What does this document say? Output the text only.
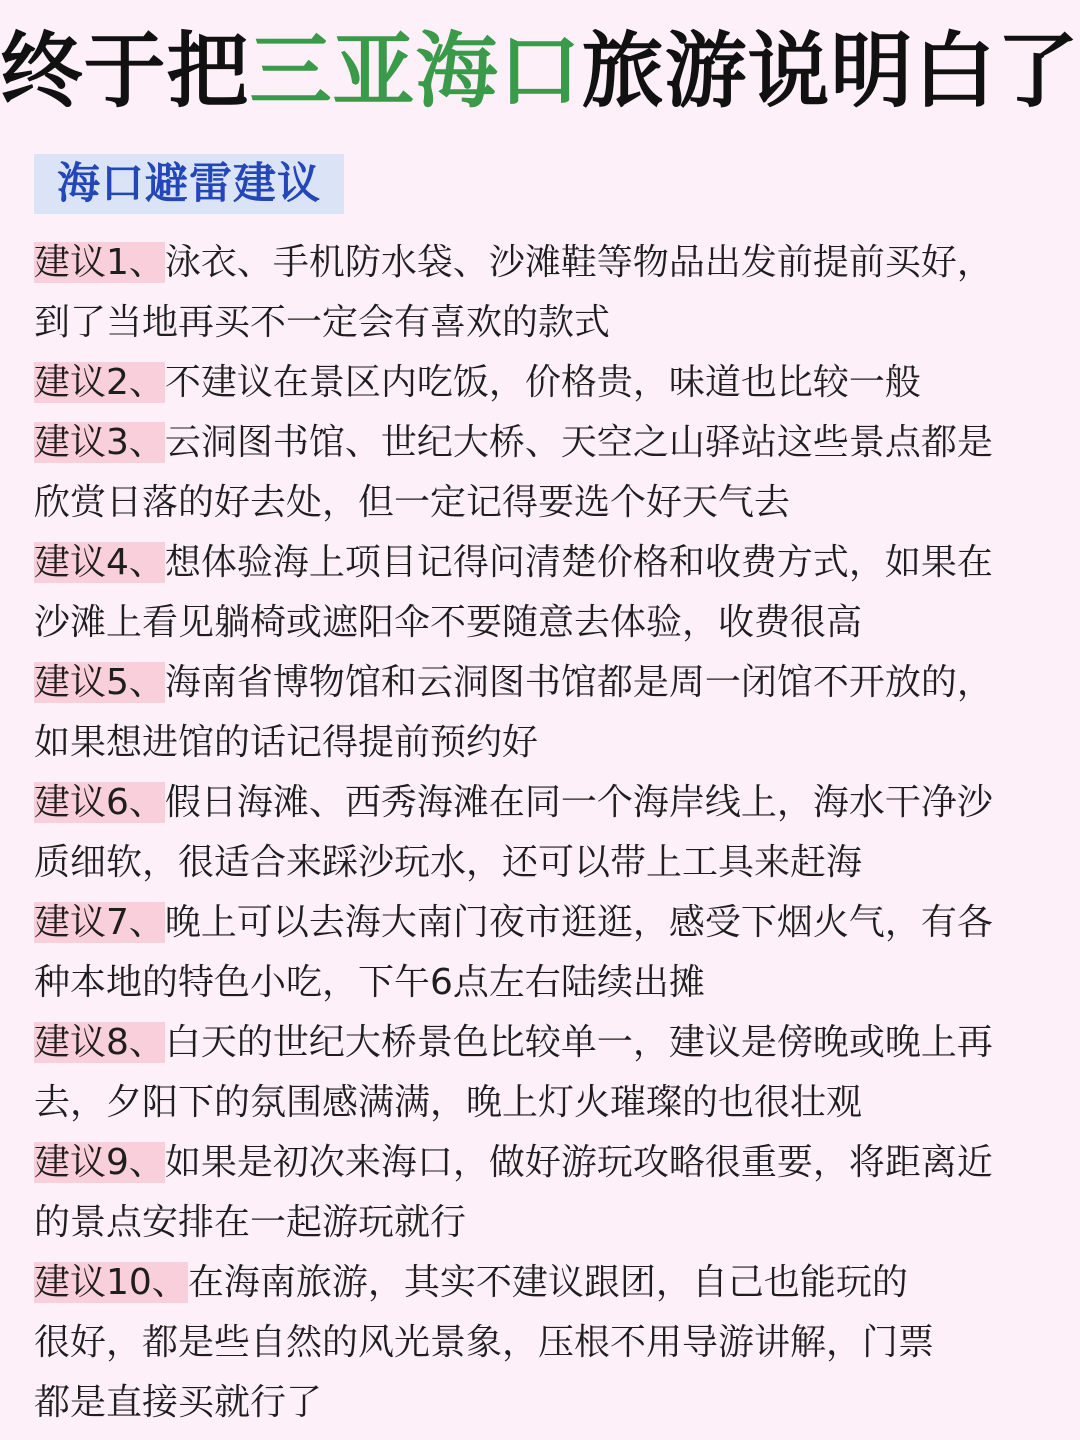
终于把三亚海口旅游说明白了
海口避雷建议
建议1、泳衣、手机防水袋、沙滩鞋等物品出发前提前买好，
到了当地再买不一定会有喜欢的款式
建议2、不建议在景区内吃饭，价格贵，味道也比较一般
建议3、云洞图书馆、世纪大桥、天空之山驿站这些景点都是
欣赏日落的好去处，但一定记得要选个好天气去
建议4、想体验海上项目记得问清楚价格和收费方式，如果在
沙滩上看见躺椅或遮阳伞不要随意去体验，收费很高
建议5、海南省博物馆和云洞图书馆都是周一闭馆不开放的，
如果想进馆的话记得提前预约好
建议6、假日海滩、西秀海滩在同一个海岸线上，海水干净沙
质细软，很适合来踩沙玩水，还可以带上工具来赶海
建议7、晚上可以去海大南门夜市逛逛，感受下烟火气，有各
种本地的特色小吃，下午6点左右陆续出摊
建议8、白天的世纪大桥景色比较单一，建议是傍晚或晚上再
去，夕阳下的氛围感满满，晚上灯火璀璨的也很壮观
建议9、如果是初次来海口，做好游玩攻略很重要，将距离近
的景点安排在一起游玩就行
建议10、在海南旅游，其实不建议跟团，自己也能玩的
很好，都是些自然的风光景象，压根不用导游讲解，门票
都是直接买就行了
